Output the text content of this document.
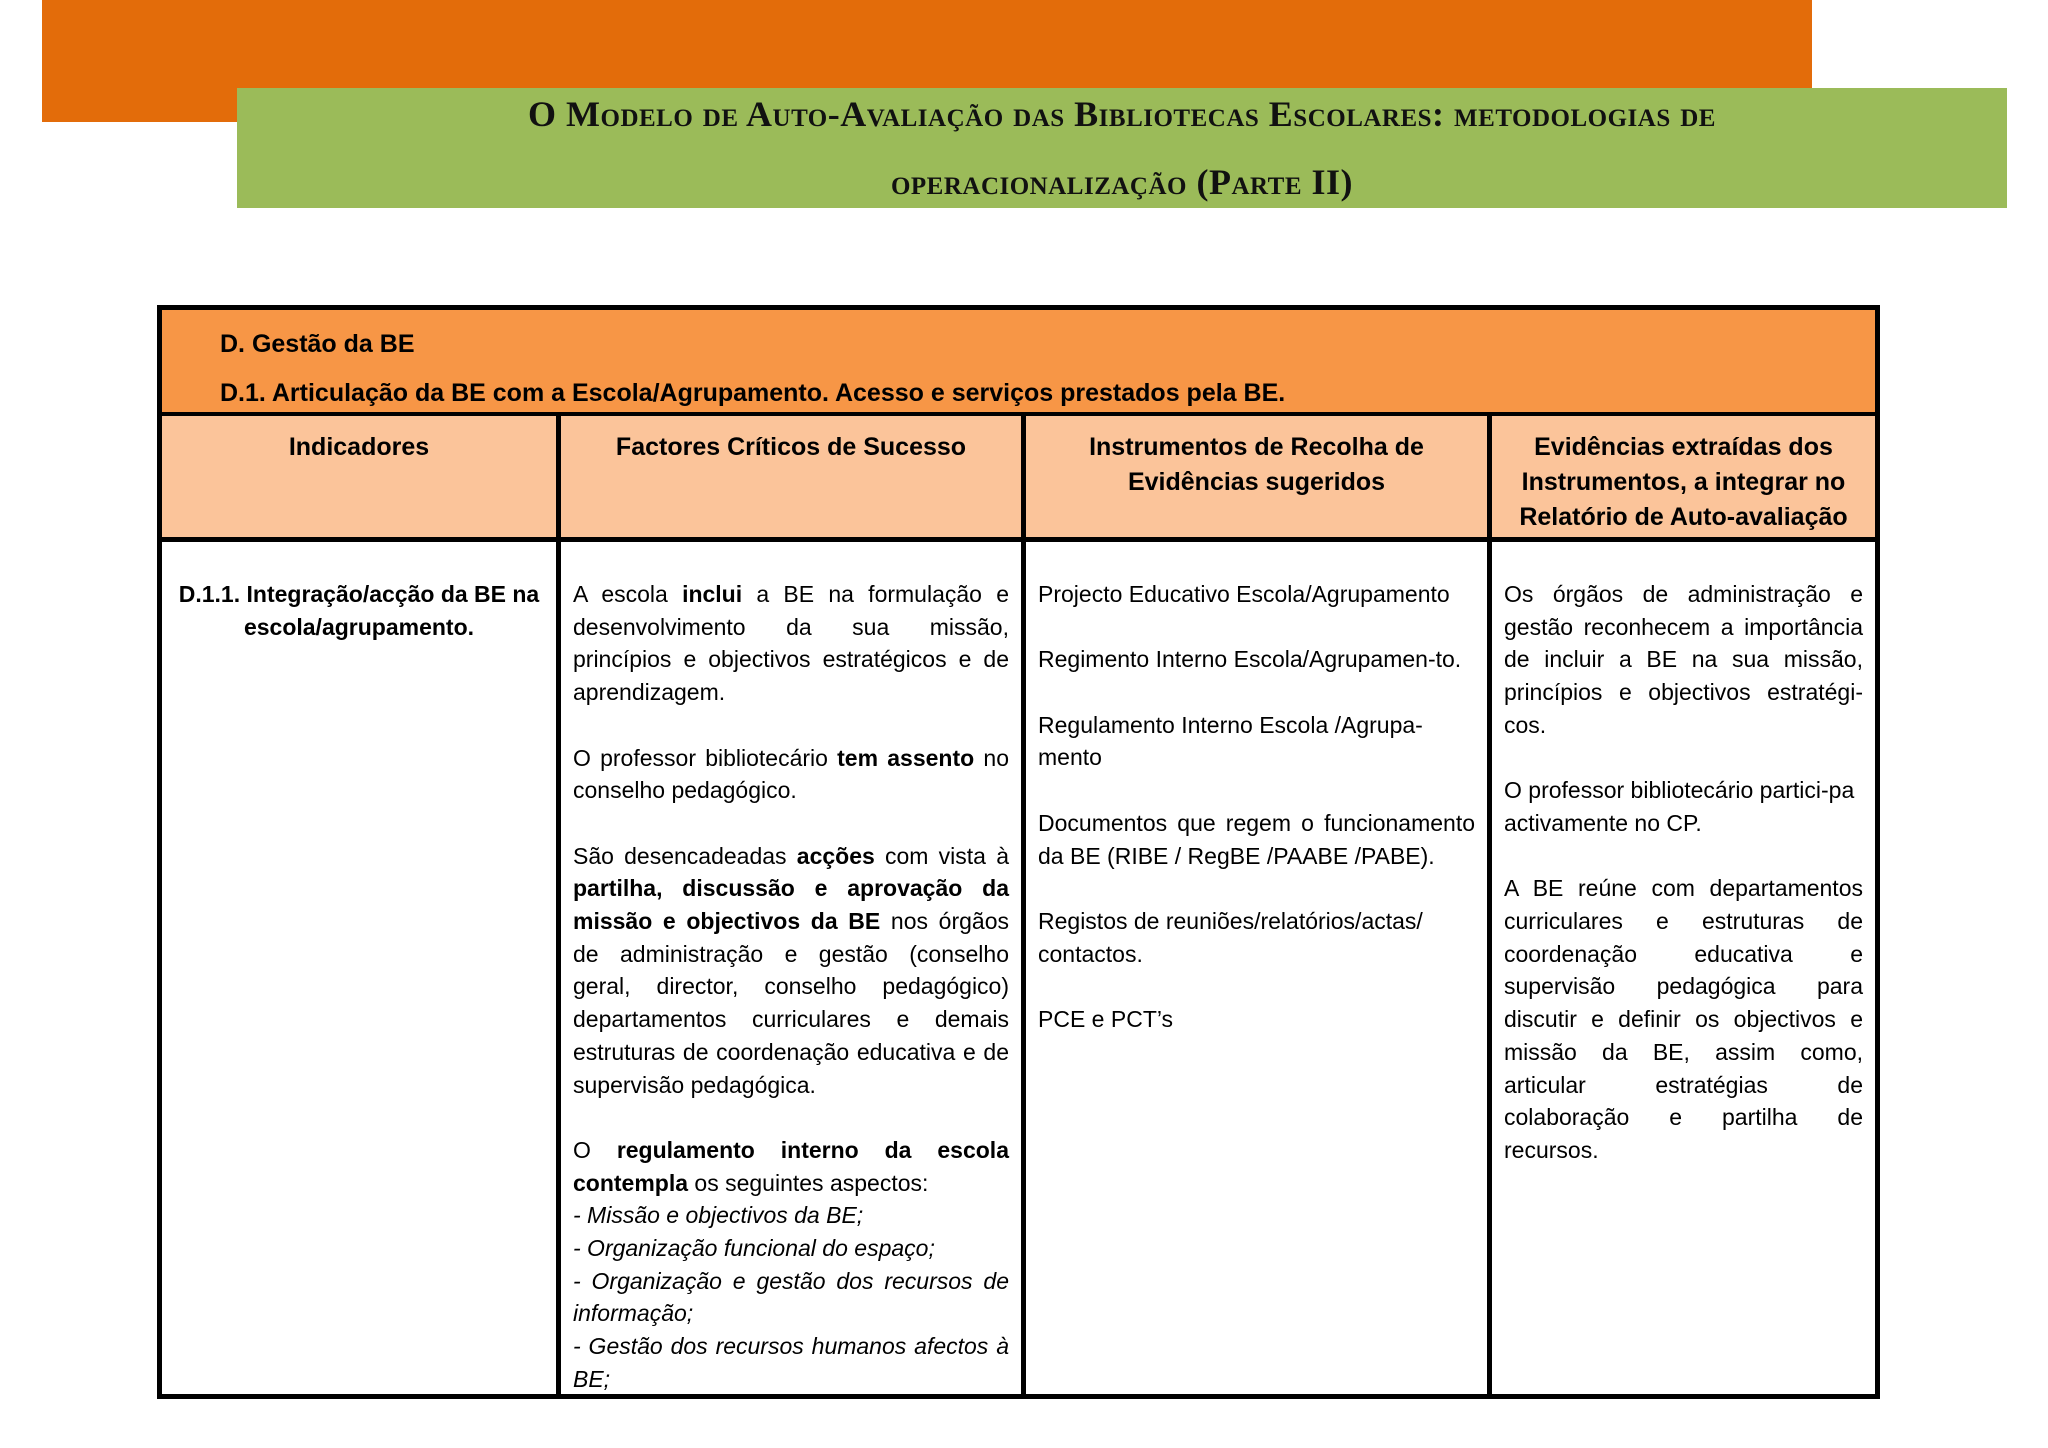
O Modelo de Auto-Avaliação das Bibliotecas Escolares: metodologias de
operacionalização (Parte II)
D. Gestão da BE
D.1. Articulação da BE com a Escola/Agrupamento. Acesso e serviços prestados pela BE.
Indicadores
D.1.1. Integração/acção da BE na escola/agrupamento.
Factores Críticos de Sucesso

A escola inclui a BE na formulação e desenvolvimento da sua missão, princípios e objectivos estratégicos e de aprendizagem.

O professor bibliotecário tem assento no conselho pedagógico.

São desencadeadas acções com vista à partilha, discussão e aprovação da missão e objectivos da BE nos órgãos de administração e gestão (conselho geral, director, conselho pedagógico) departamentos curriculares e demais estruturas de coordenação educativa e de supervisão pedagógica.

O regulamento interno da escola contempla os seguintes aspectos:

- Missão e objectivos da BE;

- Organização funcional do espaço;

- Organização e gestão dos recursos de informação;

- Gestão dos recursos humanos afectos à BE;

Instrumentos de Recolha de Evidências sugeridos

Projecto Educativo Escola/Agrupamento

Regimento Interno Escola/Agrupamen-to.

Regulamento Interno Escola /Agrupa-mento

Documentos que regem o funcionamento da BE (RIBE / RegBE /PAABE /PABE).

Registos de reuniões/relatórios/actas/ contactos.

PCE e PCT’s

Evidências extraídas dos Instrumentos, a integrar no Relatório de Auto-avaliação

Os órgãos de administração e gestão reconhecem a importância de incluir a BE na sua missão, princípios e objectivos estratégi-cos.

O professor bibliotecário partici-pa activamente no CP.

A BE reúne com departamentos curriculares e estruturas de coordenação educativa e supervisão pedagógica para discutir e definir os objectivos e missão da BE, assim como, articular estratégias de colaboração e partilha de recursos.
